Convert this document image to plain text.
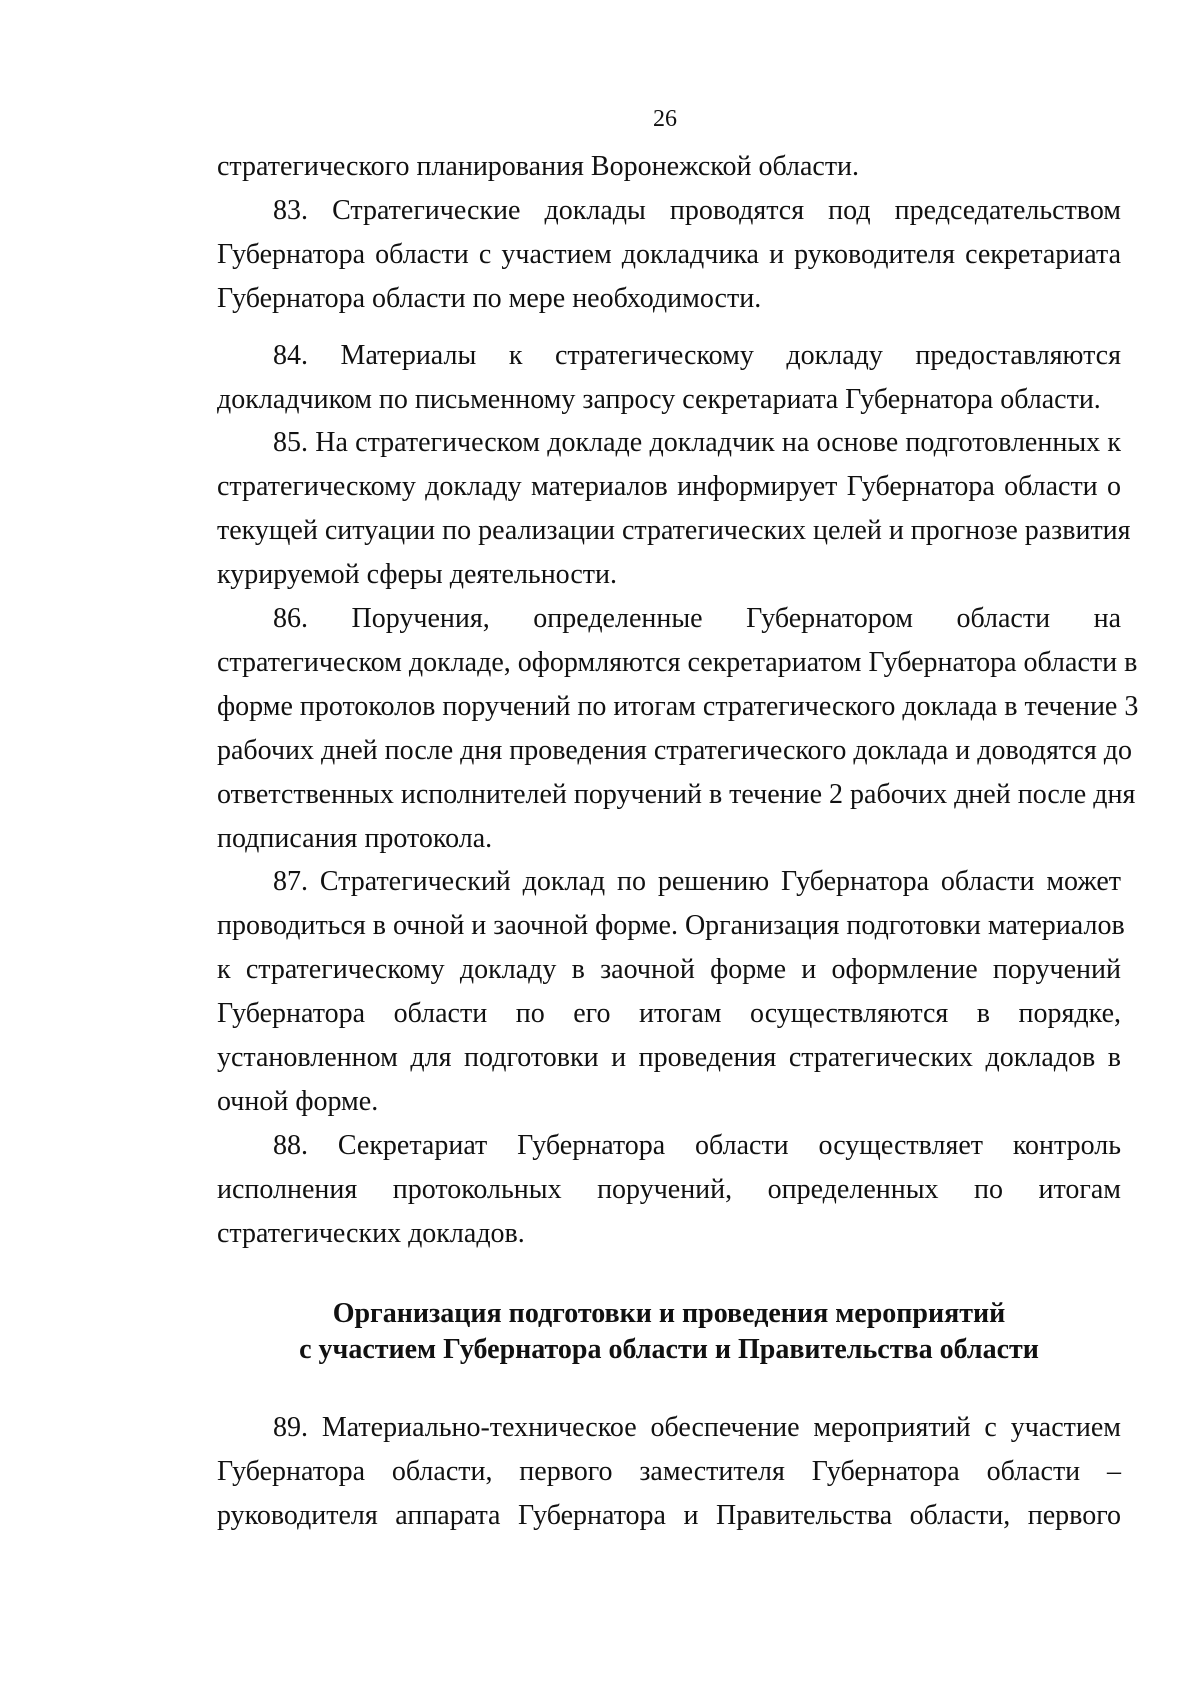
26
стратегического планирования Воронежской области.
83. Стратегические доклады проводятся под председательством
Губернатора области с участием докладчика и руководителя секретариата
Губернатора области по мере необходимости.
84. Материалы к стратегическому докладу предоставляются
докладчиком по письменному запросу секретариата Губернатора области.
85. На стратегическом докладе докладчик на основе подготовленных к
стратегическому докладу материалов информирует Губернатора области о
текущей ситуации по реализации стратегических целей и прогнозе развития
курируемой сферы деятельности.
86. Поручения, определенные Губернатором области на
стратегическом докладе, оформляются секретариатом Губернатора области в
форме протоколов поручений по итогам стратегического доклада в течение 3
рабочих дней после дня проведения стратегического доклада и доводятся до
ответственных исполнителей поручений в течение 2 рабочих дней после дня
подписания протокола.
87. Стратегический доклад по решению Губернатора области может
проводиться в очной и заочной форме. Организация подготовки материалов
к стратегическому докладу в заочной форме и оформление поручений
Губернатора области по его итогам осуществляются в порядке,
установленном для подготовки и проведения стратегических докладов в
очной форме.
88. Секретариат Губернатора области осуществляет контроль
исполнения протокольных поручений, определенных по итогам
стратегических докладов.
Организация подготовки и проведения мероприятий
с участием Губернатора области и Правительства области
89. Материально-техническое обеспечение мероприятий с участием
Губернатора области, первого заместителя Губернатора области –
руководителя аппарата Губернатора и Правительства области, первого
